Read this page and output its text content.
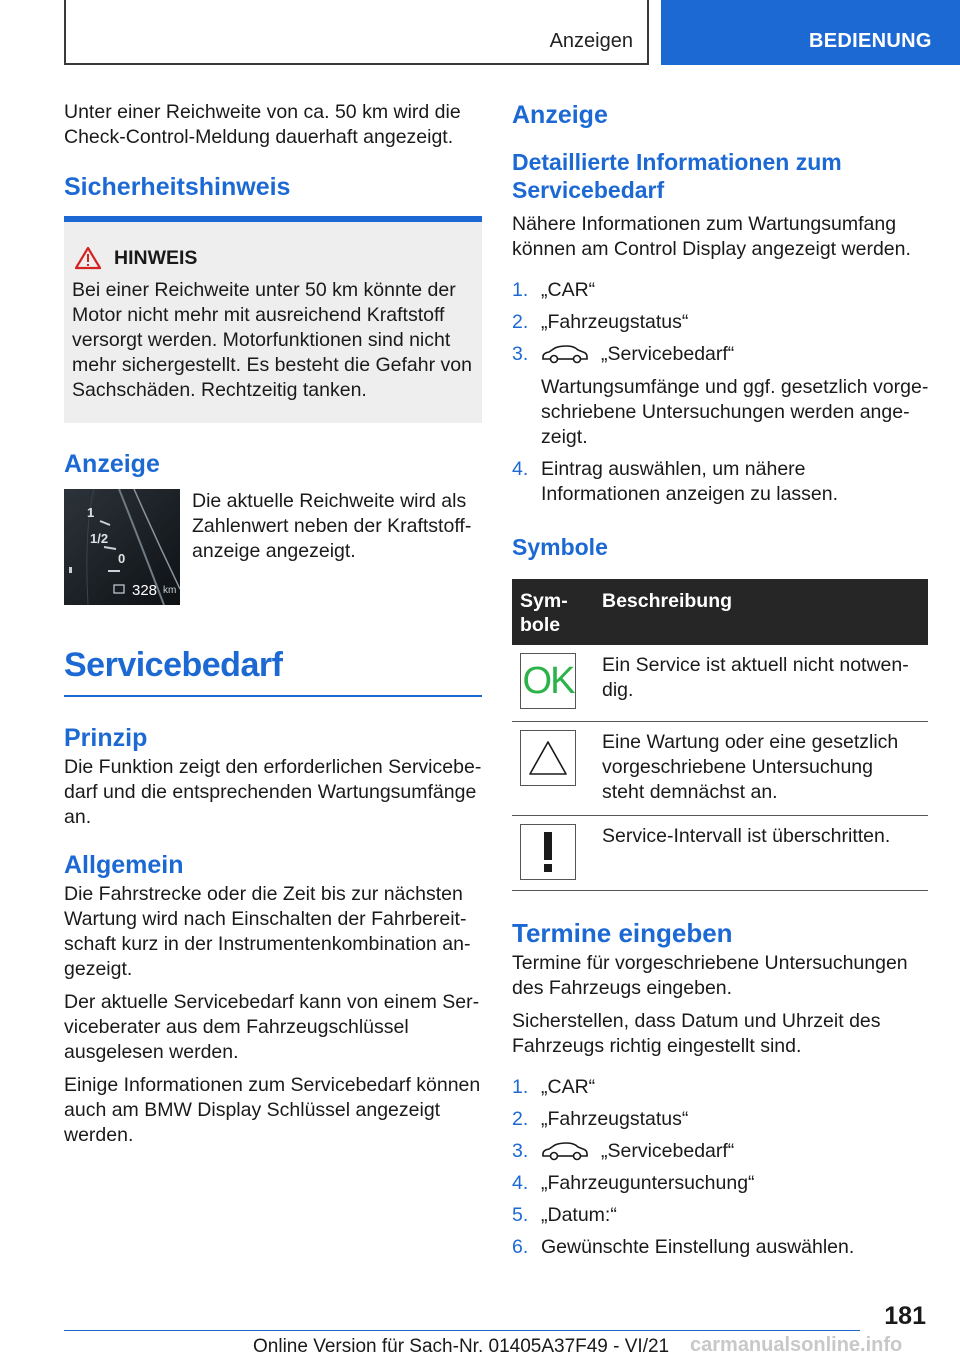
Anzeigen	BEDIENUNG

Unter einer Reichweite von ca. 50 km wird die Check-Control-Meldung dauerhaft angezeigt.

Sicherheitshinweis
HINWEIS

Bei einer Reichweite unter 50 km könnte der Motor nicht mehr mit ausreichend Kraftstoff versorgt werden. Motorfunktionen sind nicht mehr sichergestellt. Es besteht die Gefahr von Sachschäden. Rechtzeitig tanken.

Anzeige
1
1/2
0
328 km
Die aktuelle Reichweite wird als Zahlenwert neben der Kraftstoffanzeige angezeigt.
Servicebedarf
Prinzip

Die Funktion zeigt den erforderlichen Servicebedarf und die entsprechenden Wartungsumfänge an.

Allgemein

Die Fahrstrecke oder die Zeit bis zur nächsten Wartung wird nach Einschalten der Fahrbereitschaft kurz in der Instrumentenkombination angezeigt.

Der aktuelle Servicebedarf kann von einem Serviceberater aus dem Fahrzeugschlüssel ausgelesen werden.

Einige Informationen zum Servicebedarf können auch am BMW Display Schlüssel angezeigt werden.

Anzeige
Detaillierte Informationen zum Servicebedarf

Nähere Informationen zum Wartungsumfang können am Control Display angezeigt werden.

1. „CAR“
2. „Fahrzeugstatus“
3.	„Servicebedarf“
Wartungsumfänge und ggf. gesetzlich vorgeschriebene Untersuchungen werden angezeigt.
4. Eintrag auswählen, um nähere Informationen anzeigen zu lassen.
Symbole
Symbole	Beschreibung

OK	Ein Service ist aktuell nicht notwendig.

	Eine Wartung oder eine gesetzlich vorgeschriebene Untersuchung steht demnächst an.

	Service-Intervall ist überschritten.
Termine eingeben

Termine für vorgeschriebene Untersuchungen des Fahrzeugs eingeben.

Sicherstellen, dass Datum und Uhrzeit des Fahrzeugs richtig eingestellt sind.

1. „CAR“
2. „Fahrzeugstatus“
3.	„Servicebedarf“
4. „Fahrzeuguntersuchung“
5. „Datum:“
6. Gewünschte Einstellung auswählen.
181
Online Version für Sach-Nr. 01405A37F49 - VI/21 carmanualsonline.info
